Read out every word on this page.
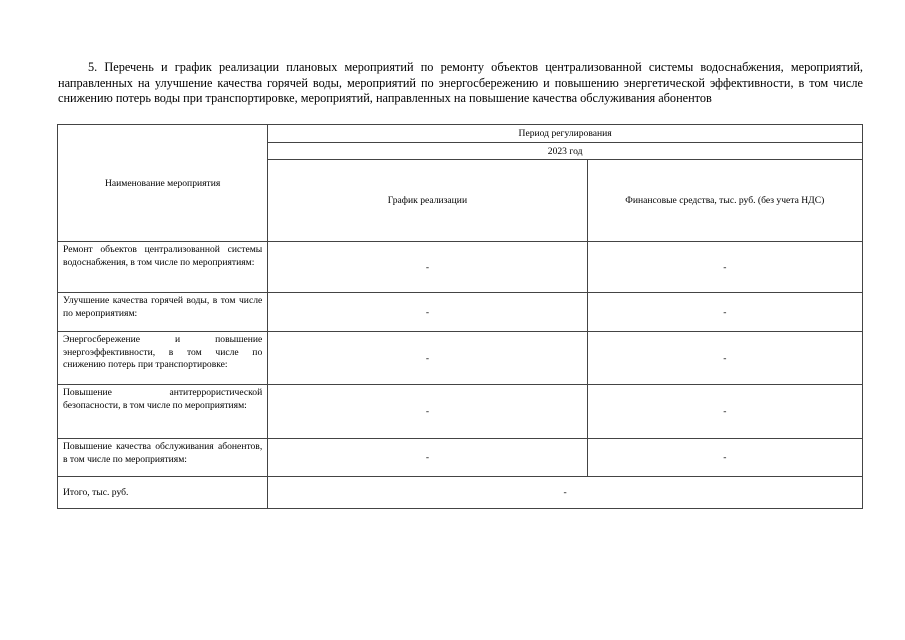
5. Перечень и график реализации плановых мероприятий по ремонту объектов централизованной системы водоснабжения, мероприятий, направленных на улучшение качества горячей воды, мероприятий по энергосбережению и повышению энергетической эффективности, в том числе снижению потерь воды при транспортировке, мероприятий, направленных на повышение качества обслуживания абонентов

Наименование мероприятия	Период регулирования	
	2023 год	
	График реализации	Финансовые средства, тыс. руб. (без учета НДС)
Ремонт объектов централизованной системы водоснабжения, в том числе по мероприятиям:	-	-
Улучшение качества горячей воды, в том числе по мероприятиям:	-	-
Энергосбережение и повышение энергоэффективности, в том числе по снижению потерь при транспортировке:	-	-
Повышение антитеррористической безопасности, в том числе по мероприятиям:	-	-
Повышение качества обслуживания абонентов, в том числе по мероприятиям:	-	-
Итого, тыс. руб.	-	
